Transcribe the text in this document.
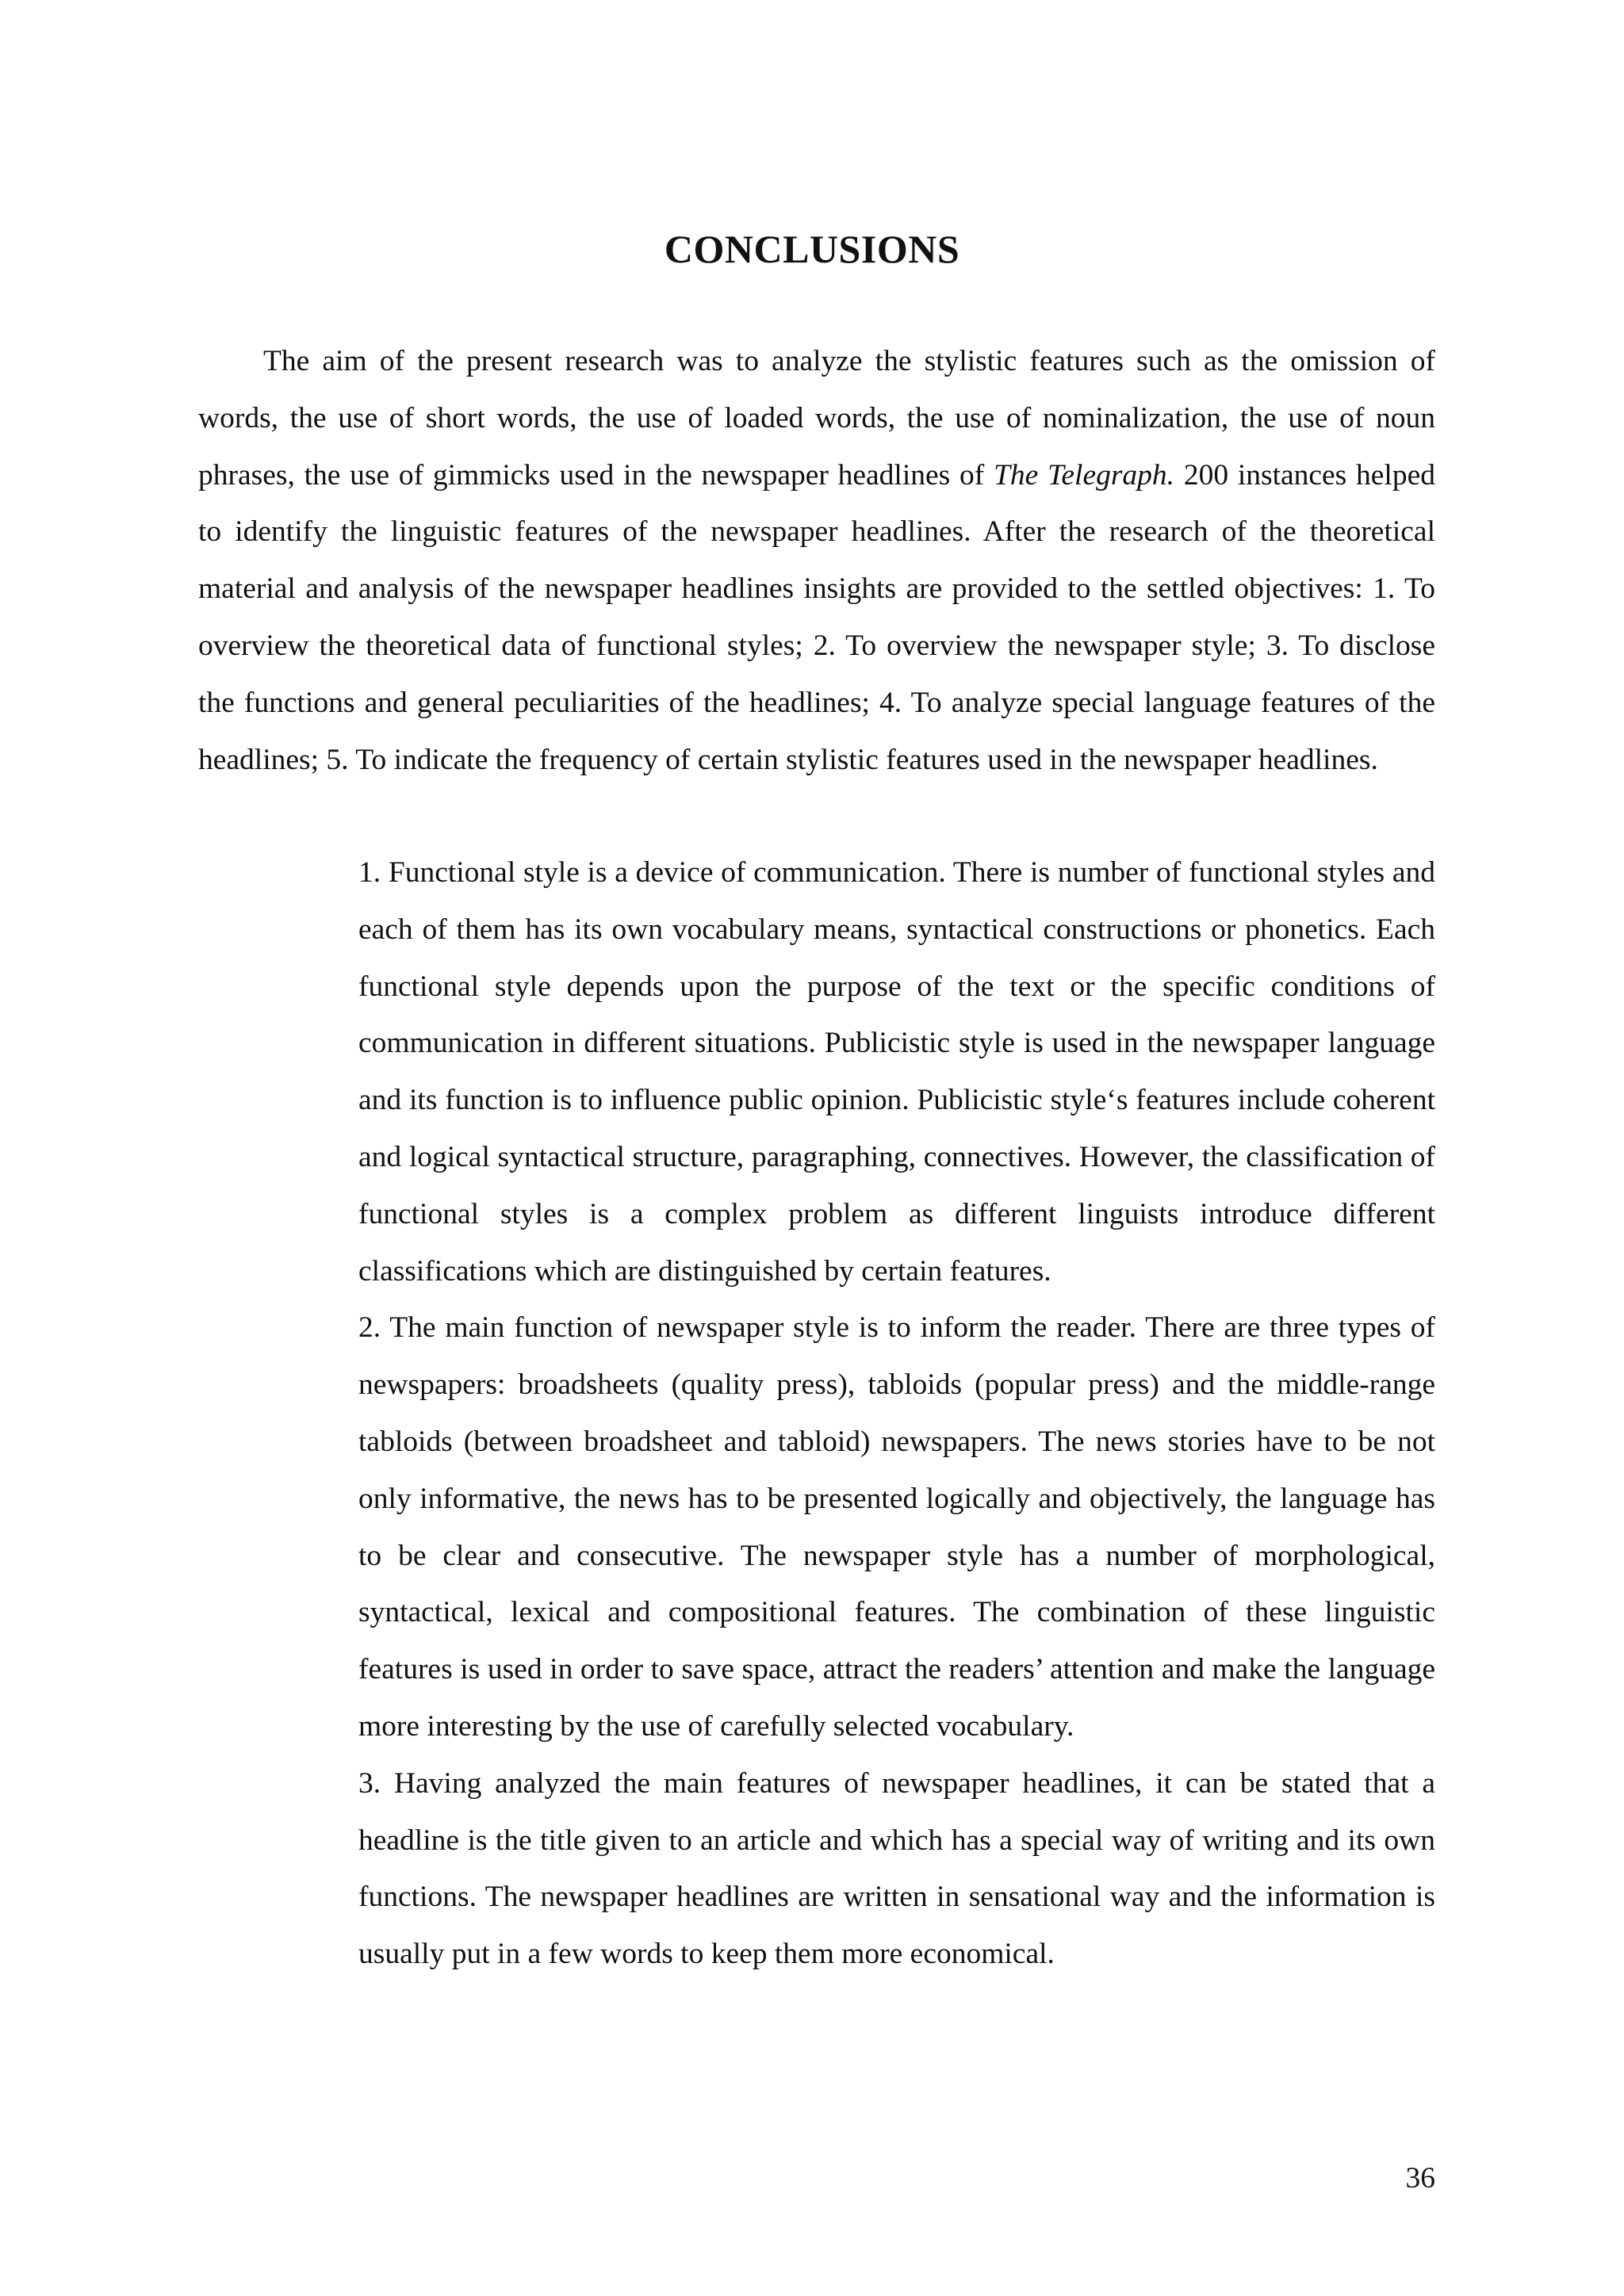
CONCLUSIONS

The aim of the present research was to analyze the stylistic features such as the omission of words, the use of short words, the use of loaded words, the use of nominalization, the use of noun phrases, the use of gimmicks used in the newspaper headlines of The Telegraph. 200 instances helped to identify the linguistic features of the newspaper headlines. After the research of the theoretical material and analysis of the newspaper headlines insights are provided to the settled objectives: 1. To overview the theoretical data of functional styles; 2. To overview the newspaper style; 3. To disclose the functions and general peculiarities of the headlines; 4. To analyze special language features of the headlines; 5. To indicate the frequency of certain stylistic features used in the newspaper headlines.

1. Functional style is a device of communication. There is number of functional styles and each of them has its own vocabulary means, syntactical constructions or phonetics. Each functional style depends upon the purpose of the text or the specific conditions of communication in different situations. Publicistic style is used in the newspaper language and its function is to influence public opinion. Publicistic style‘s features include coherent and logical syntactical structure, paragraphing, connectives. However, the classification of functional styles is a complex problem as different linguists introduce different classifications which are distinguished by certain features.

2. The main function of newspaper style is to inform the reader. There are three types of newspapers: broadsheets (quality press), tabloids (popular press) and the middle-range tabloids (between broadsheet and tabloid) newspapers. The news stories have to be not only informative, the news has to be presented logically and objectively, the language has to be clear and consecutive. The newspaper style has a number of morphological, syntactical, lexical and compositional features. The combination of these linguistic features is used in order to save space, attract the readers’ attention and make the language more interesting by the use of carefully selected vocabulary.

3. Having analyzed the main features of newspaper headlines, it can be stated that a headline is the title given to an article and which has a special way of writing and its own functions. The newspaper headlines are written in sensational way and the information is usually put in a few words to keep them more economical.

36
